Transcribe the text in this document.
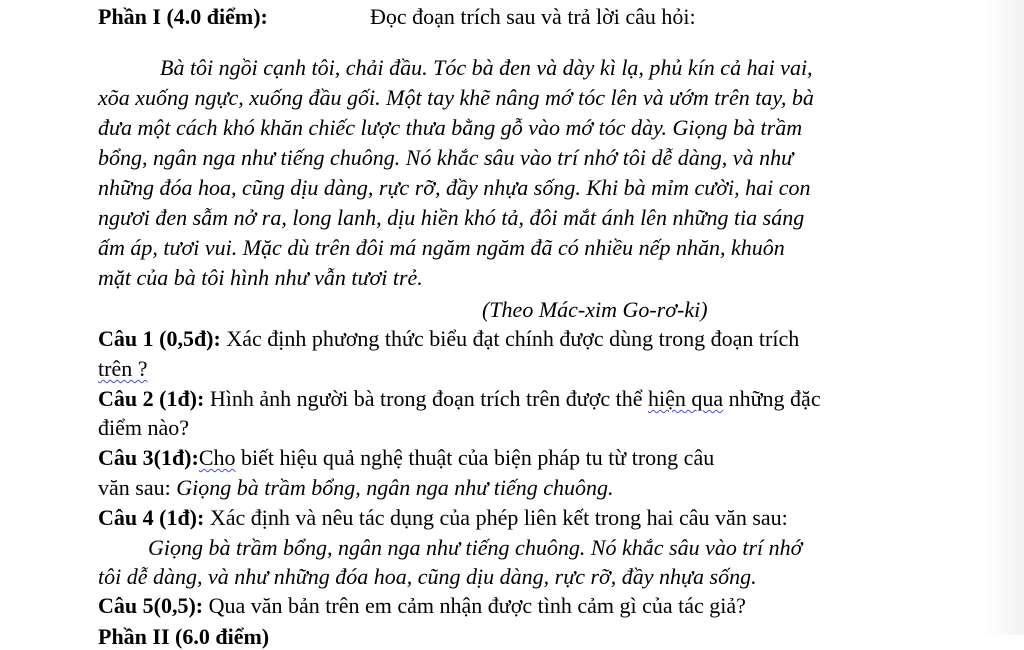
Phần I (4.0 điểm):	Đọc đoạn trích sau và trả lời câu hỏi:
Bà tôi ngồi cạnh tôi, chải đầu. Tóc bà đen và dày kì lạ, phủ kín cả hai vai,
xõa xuống ngực, xuống đầu gối. Một tay khẽ nâng mớ tóc lên và ướm trên tay, bà
đưa một cách khó khăn chiếc lược thưa bằng gỗ vào mớ tóc dày. Giọng bà trầm
bổng, ngân nga như tiếng chuông. Nó khắc sâu vào trí nhớ tôi dễ dàng, và như
những đóa hoa, cũng dịu dàng, rực rỡ, đầy nhựa sống. Khi bà mỉm cười, hai con
ngươi đen sẫm nở ra, long lanh, dịu hiền khó tả, đôi mắt ánh lên những tia sáng
ấm áp, tươi vui. Mặc dù trên đôi má ngăm ngăm đã có nhiều nếp nhăn, khuôn
mặt của bà tôi hình như vẫn tươi trẻ.
(Theo Mác-xim Go-rơ-ki)
Câu 1 (0,5đ): Xác định phương thức biểu đạt chính được dùng trong đoạn trích
trên ?
Câu 2 (1đ): Hình ảnh người bà trong đoạn trích trên được thể hiện qua những đặc
điểm nào?
Câu 3(1đ):Cho biết hiệu quả nghệ thuật của biện pháp tu từ trong câu
văn sau: Giọng bà trầm bổng, ngân nga như tiếng chuông.
Câu 4 (1đ): Xác định và nêu tác dụng của phép liên kết trong hai câu văn sau:
Giọng bà trầm bổng, ngân nga như tiếng chuông. Nó khắc sâu vào trí nhớ
tôi dễ dàng, và như những đóa hoa, cũng dịu dàng, rực rỡ, đầy nhựa sống.
Câu 5(0,5): Qua văn bản trên em cảm nhận được tình cảm gì của tác giả?
Phần II (6.0 điểm)
